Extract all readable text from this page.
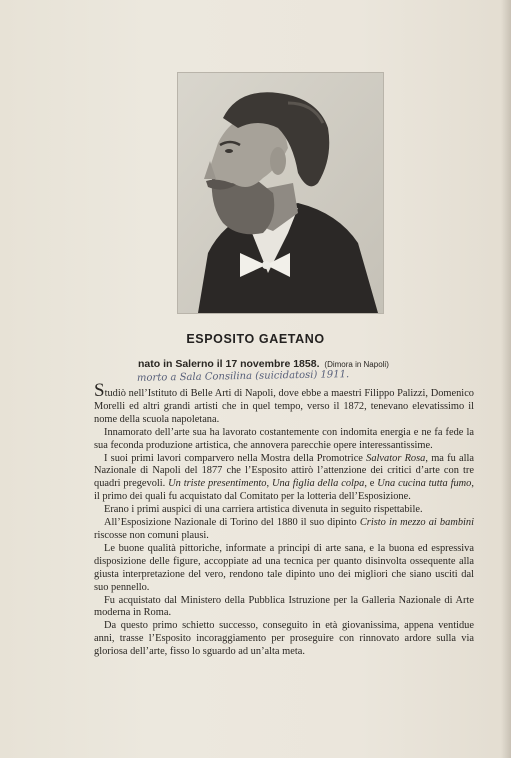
ESPOSITO GAETANO
nato in Salerno il 17 novembre 1858. (Dimora in Napoli)
morto a Sala Consilina (suicidatosi) 1911.

Studiò nell’Istituto di Belle Arti di Napoli, dove ebbe a maestri Filippo Palizzi, Domenico Morelli ed altri grandi artisti che in quel tempo, verso il 1872, tenevano elevatissimo il nome della scuola napoletana.

Innamorato dell’arte sua ha lavorato costantemente con indomita energia e ne fa fede la sua feconda produzione artistica, che annovera parecchie opere interessantissime.

I suoi primi lavori comparvero nella Mostra della Promotrice Salvator Rosa, ma fu alla Nazionale di Napoli del 1877 che l’Esposito attirò l’attenzione dei critici d’arte con tre quadri pregevoli. Un triste presentimento, Una figlia della colpa, e Una cucina tutta fumo, il primo dei quali fu acquistato dal Comitato per la lotteria dell’Esposizione.

Erano i primi auspici di una carriera artistica divenuta in seguito rispettabile.

All’Esposizione Nazionale di Torino del 1880 il suo dipinto Cristo in mezzo ai bambini riscosse non comuni plausi.

Le buone qualità pittoriche, informate a principi di arte sana, e la buona ed espressiva disposizione delle figure, accoppiate ad una tecnica per quanto disinvolta ossequente alla giusta interpretazione del vero, rendono tale dipinto uno dei migliori che siano usciti dal suo pennello.

Fu acquistato dal Ministero della Pubblica Istruzione per la Galleria Nazionale di Arte moderna in Roma.

Da questo primo schietto successo, conseguito in età giovanissima, appena ventidue anni, trasse l’Esposito incoraggiamento per proseguire con rinnovato ardore sulla via gloriosa dell’arte, fisso lo sguardo ad un’alta meta.
